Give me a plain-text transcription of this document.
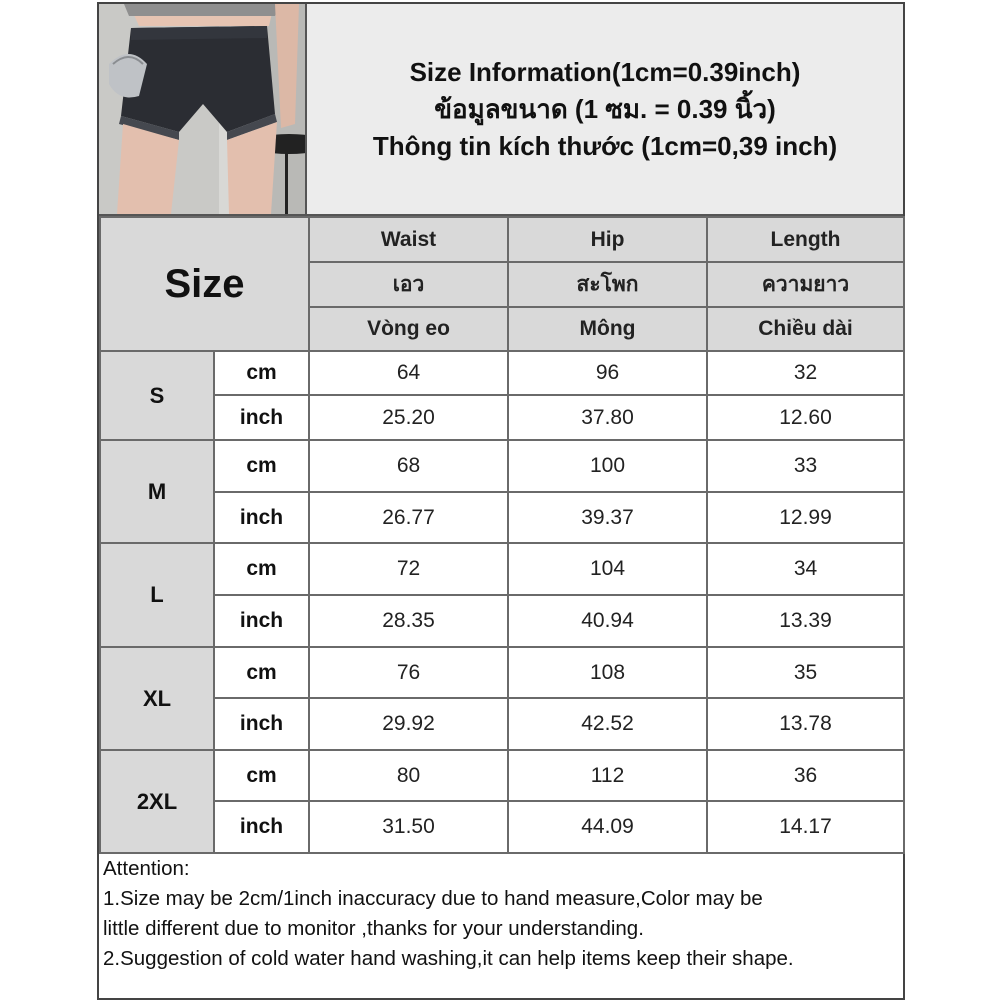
Size Information(1cm=0.39inch)
ข้อมูลขนาด (1 ซม. = 0.39 นิ้ว)
Thông tin kích thước (1cm=0,39 inch)
Size		Waist	Hip	Length
		เอว	สะโพก	ความยาว
		Vòng eo	Mông	Chiều dài
S	cm	64	96	32
	inch	25.20	37.80	12.60
M	cm	68	100	33
	inch	26.77	39.37	12.99
L	cm	72	104	34
	inch	28.35	40.94	13.39
XL	cm	76	108	35
	inch	29.92	42.52	13.78
2XL	cm	80	112	36
	inch	31.50	44.09	14.17

Attention:

1.Size may be 2cm/1inch inaccuracy due to hand measure,Color may be

little different due to monitor ,thanks for your understanding.

2.Suggestion of cold water hand washing,it can help items keep their shape.
